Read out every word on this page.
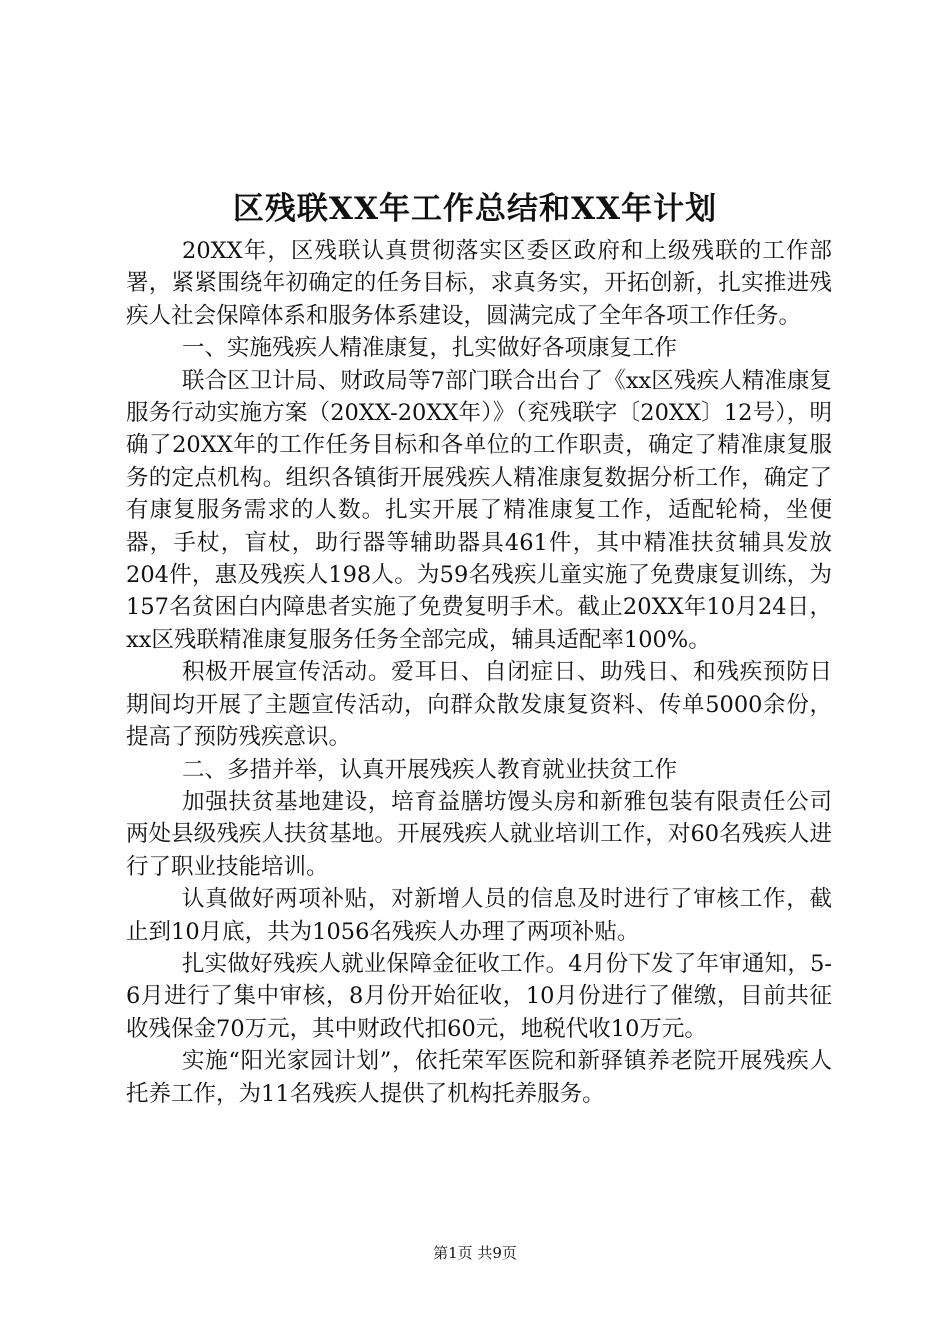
区残联XX年工作总结和XX年计划

20XX年，区残联认真贯彻落实区委区政府和上级残联的工作部署，紧紧围绕年初确定的任务目标，求真务实，开拓创新，扎实推进残疾人社会保障体系和服务体系建设，圆满完成了全年各项工作任务。

一、实施残疾人精准康复，扎实做好各项康复工作

联合区卫计局、财政局等7部门联合出台了《xx区残疾人精准康复服务行动实施方案（20XX-20XX年）》（兖残联字〔20XX〕12号），明确了20XX年的工作任务目标和各单位的工作职责，确定了精准康复服务的定点机构。组织各镇街开展残疾人精准康复数据分析工作，确定了有康复服务需求的人数。扎实开展了精准康复工作，适配轮椅，坐便器，手杖，盲杖，助行器等辅助器具461件，其中精准扶贫辅具发放204件，惠及残疾人198人。为59名残疾儿童实施了免费康复训练，为157名贫困白内障患者实施了免费复明手术。截止20XX年10月24日，xx区残联精准康复服务任务全部完成，辅具适配率100%。

积极开展宣传活动。爱耳日、自闭症日、助残日、和残疾预防日期间均开展了主题宣传活动，向群众散发康复资料、传单5000余份，提高了预防残疾意识。

二、多措并举，认真开展残疾人教育就业扶贫工作

加强扶贫基地建设，培育益膳坊馒头房和新雅包装有限责任公司两处县级残疾人扶贫基地。开展残疾人就业培训工作，对60名残疾人进行了职业技能培训。

认真做好两项补贴，对新增人员的信息及时进行了审核工作，截止到10月底，共为1056名残疾人办理了两项补贴。

扎实做好残疾人就业保障金征收工作。4月份下发了年审通知，5-6月进行了集中审核，8月份开始征收，10月份进行了催缴，目前共征收残保金70万元，其中财政代扣60元，地税代收10万元。

实施“阳光家园计划”，依托荣军医院和新驿镇养老院开展残疾人托养工作，为11名残疾人提供了机构托养服务。

第1页 共9页
